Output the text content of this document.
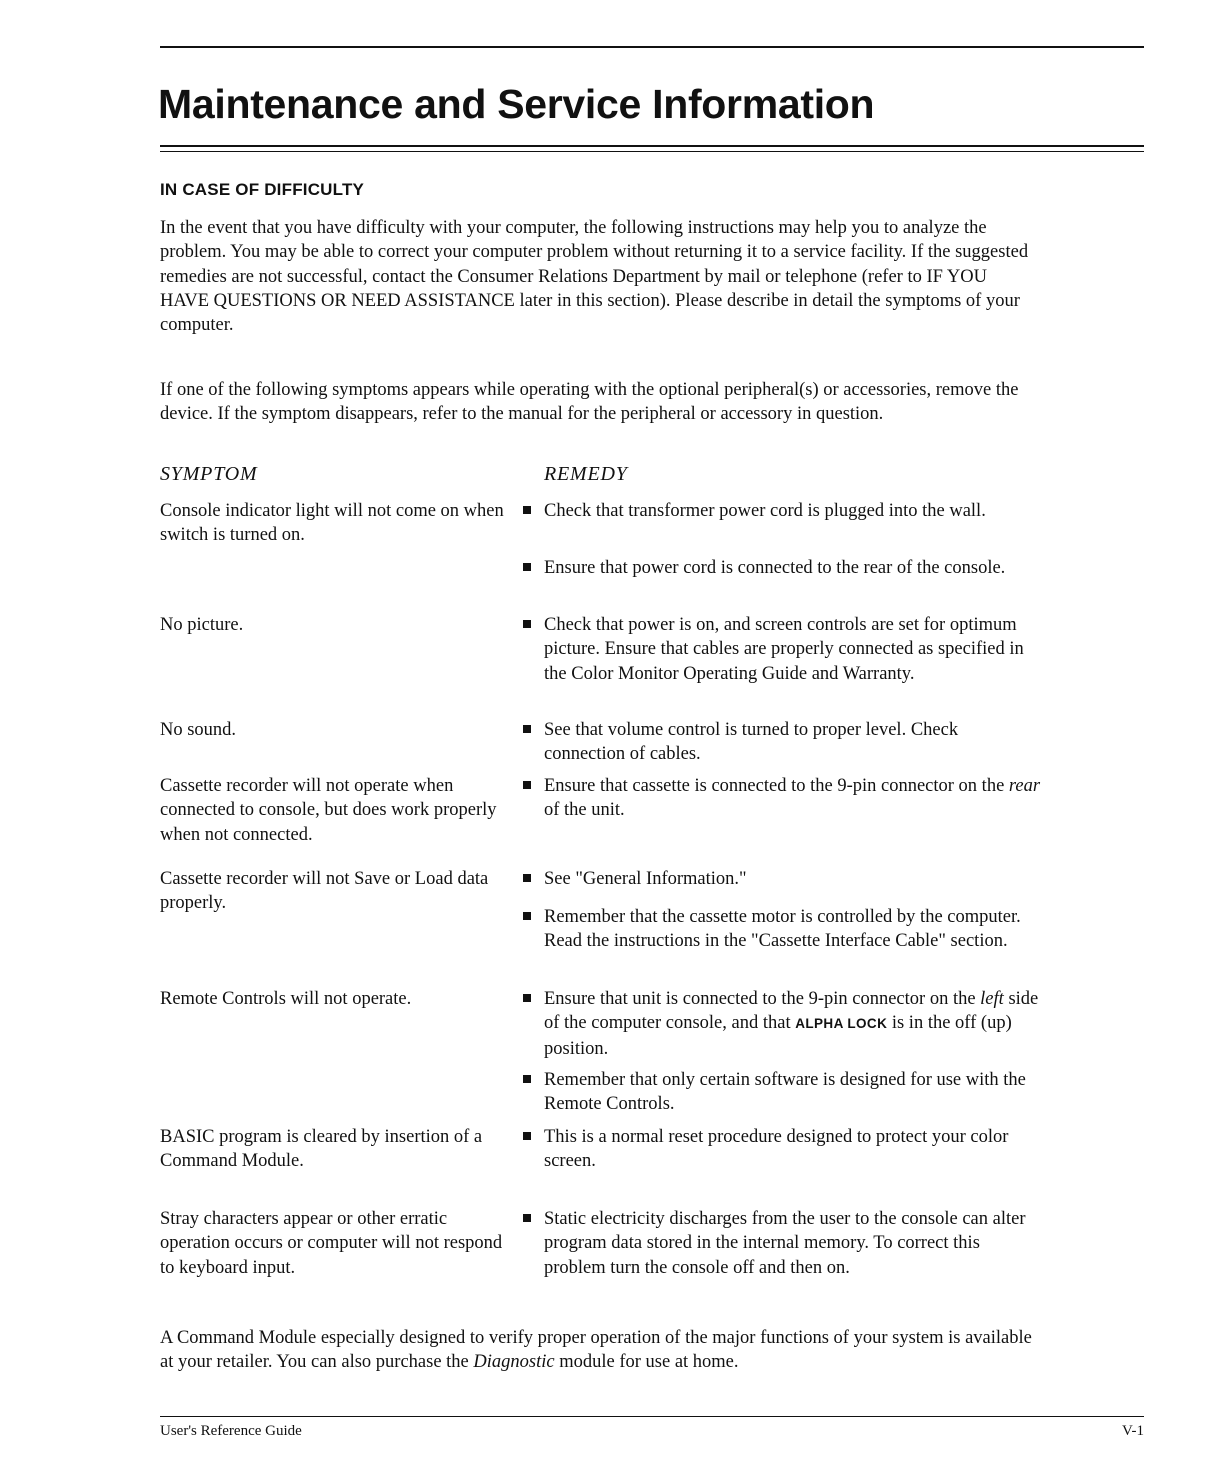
Maintenance and Service Information
IN CASE OF DIFFICULTY

In the event that you have difficulty with your computer, the following instructions may help you to analyze the problem. You may be able to correct your computer problem without returning it to a service facility. If the suggested remedies are not successful, contact the Consumer Relations Department by mail or telephone (refer to IF YOU HAVE QUESTIONS OR NEED ASSISTANCE later in this section). Please describe in detail the symptoms of your computer.

If one of the following symptoms appears while operating with the optional peripheral(s) or accessories, remove the device. If the symptom disappears, refer to the manual for the peripheral or accessory in question.

SYMPTOM	REMEDY
Console indicator light will not come on when switch is turned on.
No picture.
No sound.
Cassette recorder will not operate when connected to console, but does work properly when not connected.
Cassette recorder will not Save or Load data properly.
Remote Controls will not operate.
BASIC program is cleared by insertion of a Command Module.
Stray characters appear or other erratic operation occurs or computer will not respond to keyboard input.
Check that transformer power cord is plugged into the wall.
Ensure that power cord is connected to the rear of the console.
Check that power is on, and screen controls are set for optimum picture. Ensure that cables are properly connected as specified in the Color Monitor Operating Guide and Warranty.
See that volume control is turned to proper level. Check connection of cables.
Ensure that cassette is connected to the 9-pin connector on the rear of the unit.
See "General Information."
Remember that the cassette motor is controlled by the computer. Read the instructions in the "Cassette Interface Cable" section.
Ensure that unit is connected to the 9-pin connector on the left side of the computer console, and that ALPHA LOCK is in the off (up) position.
Remember that only certain software is designed for use with the Remote Controls.
This is a normal reset procedure designed to protect your color screen.
Static electricity discharges from the user to the console can alter program data stored in the internal memory. To correct this problem turn the console off and then on.

A Command Module especially designed to verify proper operation of the major functions of your system is available at your retailer. You can also purchase the Diagnostic module for use at home.

User's Reference Guide	V-1
